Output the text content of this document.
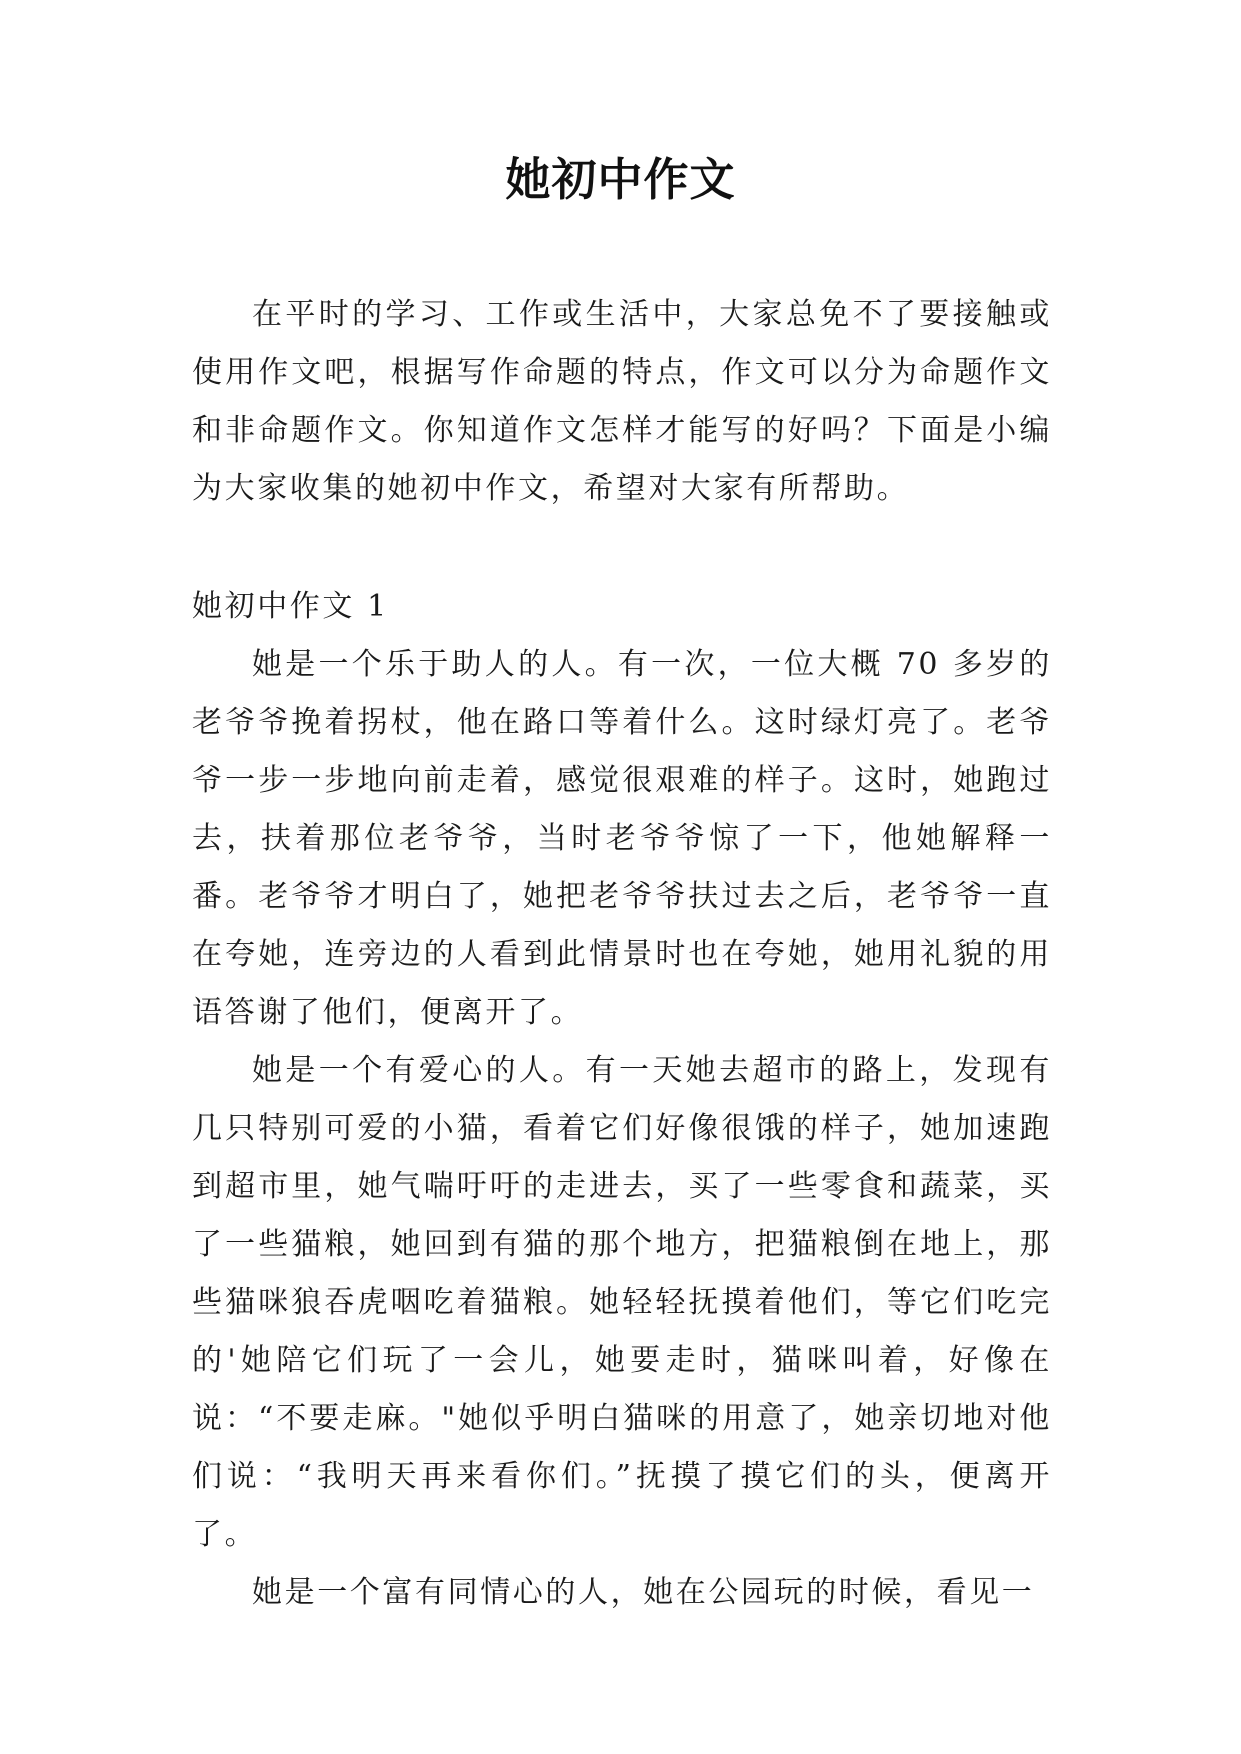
她初中作文

在平时的学习、工作或生活中，大家总免不了要接触或使用作文吧，根据写作命题的特点，作文可以分为命题作文和非命题作文。你知道作文怎样才能写的好吗？下面是小编为大家收集的她初中作文，希望对大家有所帮助。

她初中作文 1

她是一个乐于助人的人。有一次，一位大概 70 多岁的老爷爷挽着拐杖，他在路口等着什么。这时绿灯亮了。老爷爷一步一步地向前走着，感觉很艰难的样子。这时，她跑过去，扶着那位老爷爷，当时老爷爷惊了一下，他她解释一番。老爷爷才明白了，她把老爷爷扶过去之后，老爷爷一直在夸她，连旁边的人看到此情景时也在夸她，她用礼貌的用语答谢了他们，便离开了。

她是一个有爱心的人。有一天她去超市的路上，发现有几只特别可爱的小猫，看着它们好像很饿的样子，她加速跑到超市里，她气喘吁吁的走进去，买了一些零食和蔬菜，买了一些猫粮，她回到有猫的那个地方，把猫粮倒在地上，那些猫咪狼吞虎咽吃着猫粮。她轻轻抚摸着他们，等它们吃完的'她陪它们玩了一会儿，她要走时，猫咪叫着，好像在说：“不要走麻。"她似乎明白猫咪的用意了，她亲切地对他们说：“我明天再来看你们。”抚摸了摸它们的头，便离开了。

她是一个富有同情心的人，她在公园玩的时候，看见一
